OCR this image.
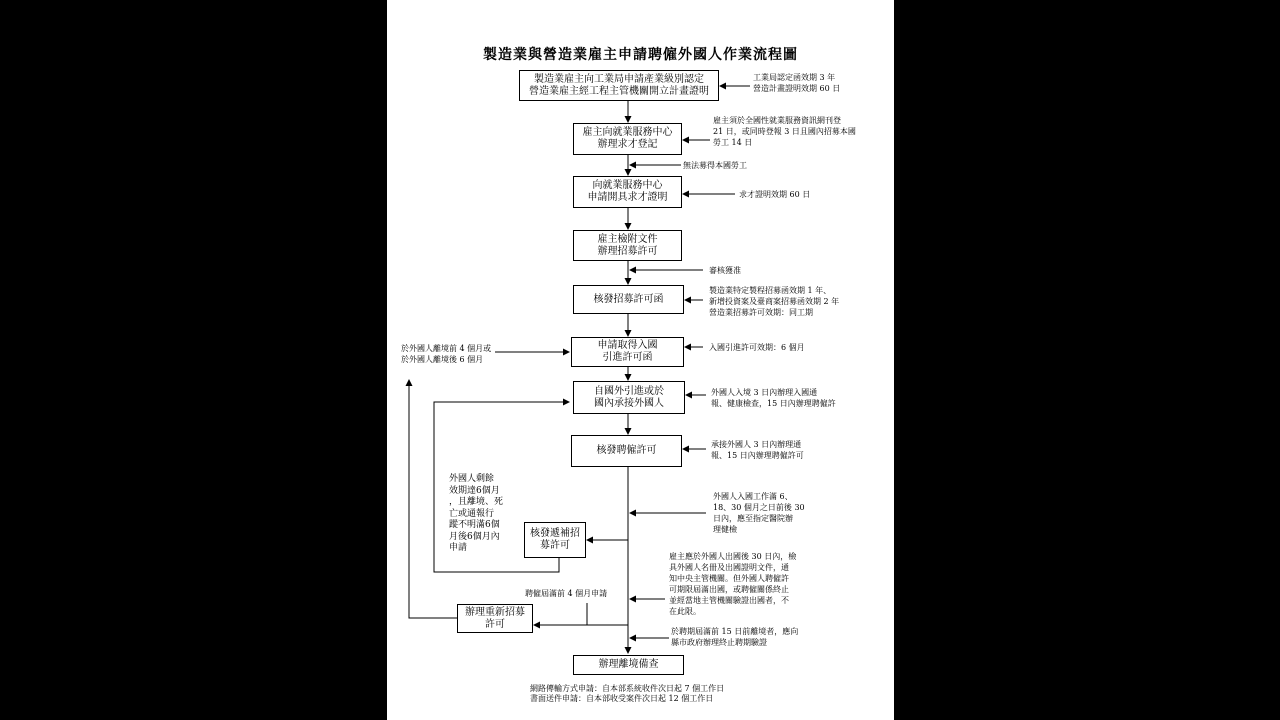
製造業與營造業雇主申請聘僱外國人作業流程圖
製造業雇主向工業局申請產業級別認定
營造業雇主經工程主管機關開立計畫證明
雇主向就業服務中心
辦理求才登記
向就業服務中心
申請開具求才證明
雇主檢附文件
辦理招募許可
核發招募許可函
申請取得入國
引進許可函
自國外引進或於
國內承接外國人
核發聘僱許可
核發遞補招
募許可
辦理重新招募
許可
辦理離境備查
工業局認定函效期 3 年
營造計畫證明效期 60 日
雇主須於全國性就業服務資訊網刊登
21 日，或同時登報 3 日且國內招募本國
勞工 14 日
無法募得本國勞工
求才證明效期 60 日
審核獲准
製造業特定製程招募函效期 1 年、
新增投資案及臺商案招募函效期 2 年
營造業招募許可效期：同工期
於外國人離境前 4 個月或
於外國人離境後 6 個月
入國引進許可效期：6 個月
外國人入境 3 日內辦理入國通
報、健康檢查，15 日內辦理聘僱許
承接外國人 3 日內辦理通
報、15 日內辦理聘僱許可
外國人入國工作滿 6、
18、30 個月之日前後 30
日內，應至指定醫院辦
理健檢
外國人剩餘
效期達6個月
，且離境、死
亡或通報行
蹤不明滿6個
月後6個月內
申請
雇主應於外國人出國後 30 日內，檢
具外國人名冊及出國證明文件，通
知中央主管機關。但外國人聘僱許
可期限屆滿出國，或聘僱關係終止
並經當地主管機關驗證出國者，不
在此限。
聘僱屆滿前 4 個月申請
於聘期屆滿前 15 日前離境者，應向
縣市政府辦理終止聘期驗證
網路傳輸方式申請：自本部系統收件次日起 7 個工作日
書面送件申請：自本部收受案件次日起 12 個工作日
